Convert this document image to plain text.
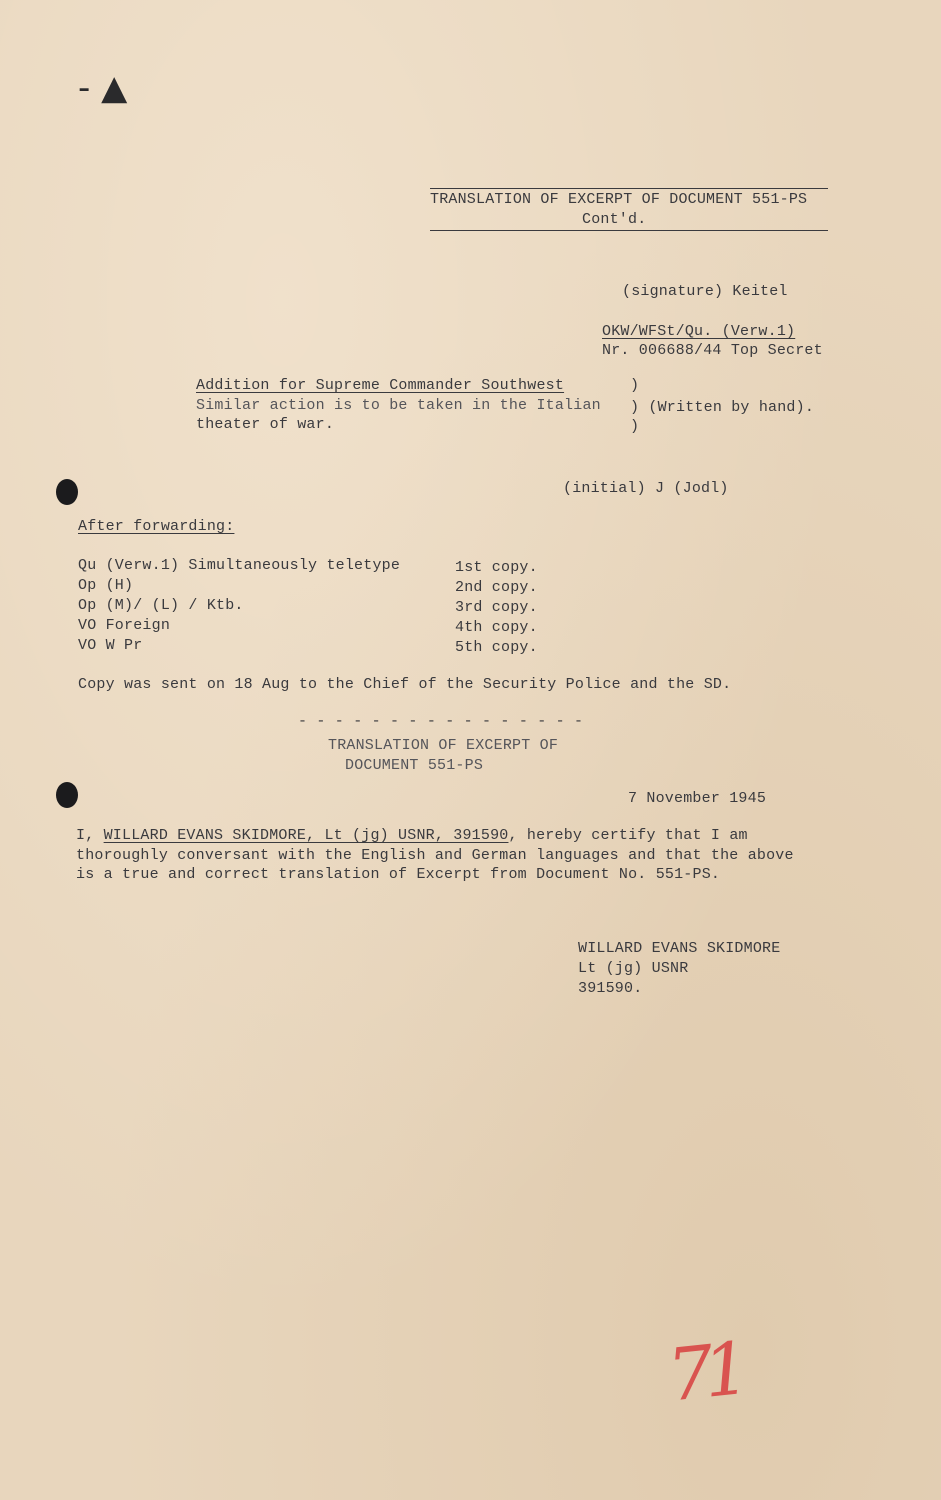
- ▲
TRANSLATION OF EXCERPT OF DOCUMENT 551-PS
Cont'd.
(signature) Keitel
OKW/WFSt/Qu. (Verw.1)
Nr. 006688/44 Top Secret
Addition for Supreme Commander Southwest	)
Similar action is to be taken in the Italian ) (Written by hand).
theater of war.	)
(initial) J (Jodl)
After forwarding:
Qu (Verw.1) Simultaneously teletype	1st copy.
Op (H)	2nd copy.
Op (M)/ (L) / Ktb.	3rd copy.
VO Foreign	4th copy.
VO W Pr	5th copy.
Copy was sent on 18 Aug to the Chief of the Security Police and the SD.
- - - - - - - - - - - - - - - -
TRANSLATION OF EXCERPT OF
DOCUMENT 551-PS
7 November 1945
I, WILLARD EVANS SKIDMORE, Lt (jg) USNR, 391590, hereby certify that I am
thoroughly conversant with the English and German languages and that the above
is a true and correct translation of Excerpt from Document No. 551-PS.
WILLARD EVANS SKIDMORE
Lt (jg) USNR
391590.
71
